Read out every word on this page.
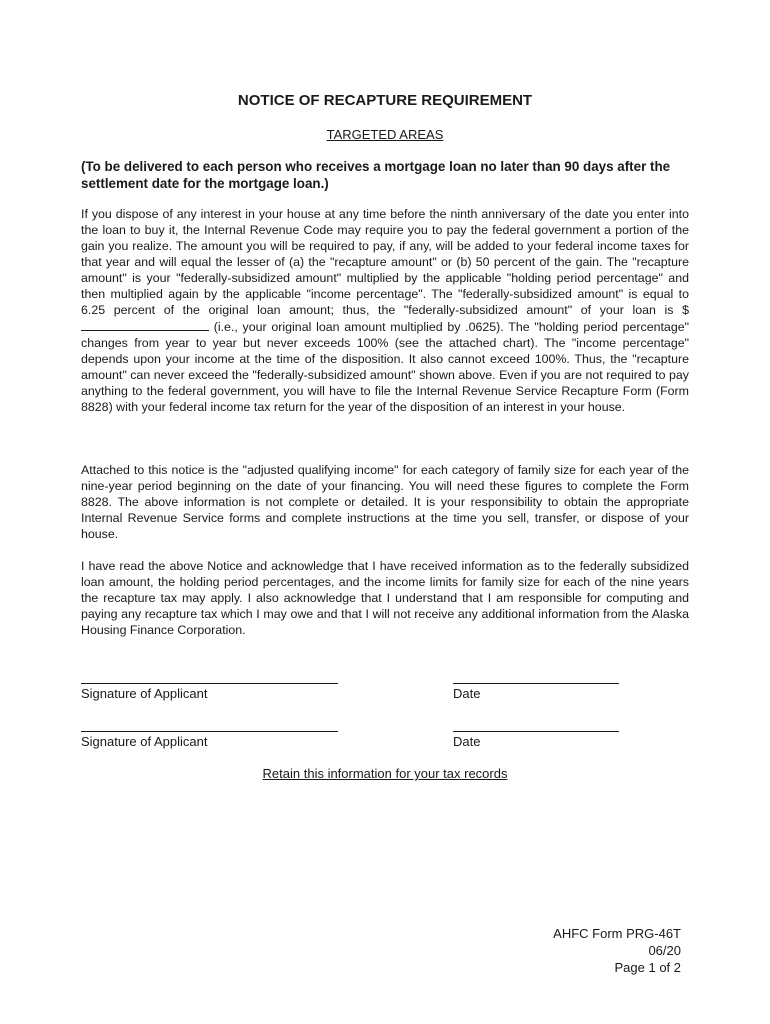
NOTICE OF RECAPTURE REQUIREMENT
TARGETED AREAS

(To be delivered to each person who receives a mortgage loan no later than 90 days after the settlement date for the mortgage loan.)

If you dispose of any interest in your house at any time before the ninth anniversary of the date you enter into the loan to buy it, the Internal Revenue Code may require you to pay the federal government a portion of the gain you realize. The amount you will be required to pay, if any, will be added to your federal income taxes for that year and will equal the lesser of (a) the "recapture amount" or (b) 50 percent of the gain. The "recapture amount" is your "federally-subsidized amount" multiplied by the applicable "holding period percentage" and then multiplied again by the applicable "income percentage". The "federally-subsidized amount" is equal to 6.25 percent of the original loan amount; thus, the "federally-subsidized amount" of your loan is $ (i.e., your original loan amount multiplied by .0625). The "holding period percentage" changes from year to year but never exceeds 100% (see the attached chart). The "income percentage" depends upon your income at the time of the disposition. It also cannot exceed 100%. Thus, the "recapture amount" can never exceed the "federally-subsidized amount" shown above. Even if you are not required to pay anything to the federal government, you will have to file the Internal Revenue Service Recapture Form (Form 8828) with your federal income tax return for the year of the disposition of an interest in your house.

Attached to this notice is the "adjusted qualifying income" for each category of family size for each year of the nine-year period beginning on the date of your financing. You will need these figures to complete the Form 8828. The above information is not complete or detailed. It is your responsibility to obtain the appropriate Internal Revenue Service forms and complete instructions at the time you sell, transfer, or dispose of your house.

I have read the above Notice and acknowledge that I have received information as to the federally subsidized loan amount, the holding period percentages, and the income limits for family size for each of the nine years the recapture tax may apply. I also acknowledge that I understand that I am responsible for computing and paying any recapture tax which I may owe and that I will not receive any additional information from the Alaska Housing Finance Corporation.

Signature of Applicant	Date
Signature of Applicant	Date
Retain this information for your tax records
AHFC Form PRG-46T
06/20
Page 1 of 2
